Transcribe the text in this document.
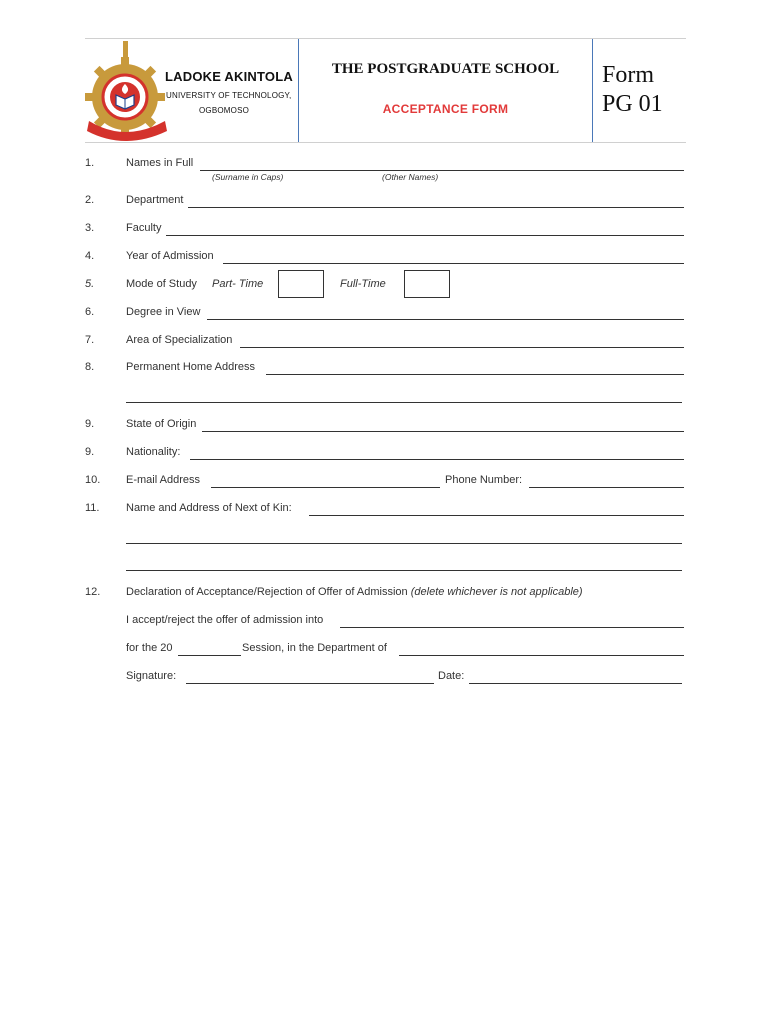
LADOKE AKINTOLA
UNIVERSITY OF TECHNOLOGY,
OGBOMOSO
THE POSTGRADUATE SCHOOL
ACCEPTANCE FORM
Form
PG 01
1.	Names in Full
(Surname in Caps)	(Other Names)
2.	Department
3.	Faculty
4.	Year of Admission
5.	Mode of Study Part- Time	Full-Time
6.	Degree in View
7.	Area of Specialization
8.	Permanent Home Address
9.	State of Origin
9.	Nationality:
10. E-mail Address	Phone Number:
11. Name and Address of Next of Kin:
12. Declaration of Acceptance/Rejection of Offer of Admission (delete whichever is not applicable)
I accept/reject the offer of admission into
for the 20	Session, in the Department of
Signature:	Date:
